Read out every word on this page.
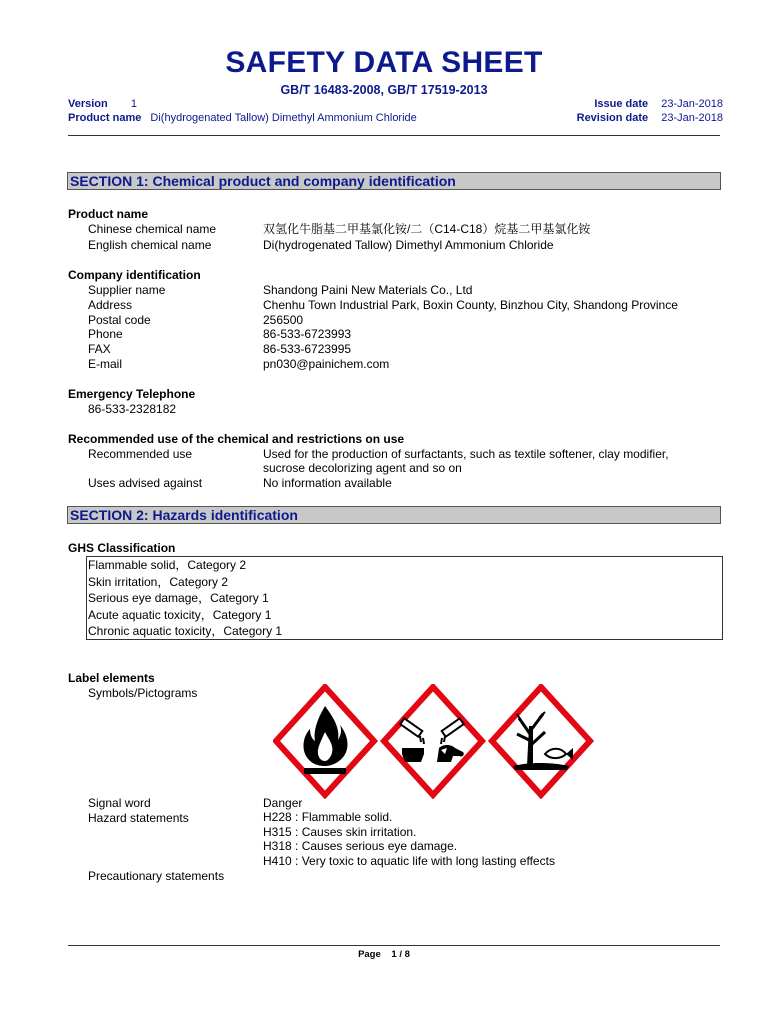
SAFETY DATA SHEET
GB/T 16483-2008, GB/T 17519-2013
Version 1
Product name Di(hydrogenated Tallow) Dimethyl Ammonium Chloride
Issue date 23-Jan-2018
Revision date 23-Jan-2018
SECTION 1: Chemical product and company identification
Product name
Chinese chemical name	双氢化牛脂基二甲基氯化铵/二（C14-C18）烷基二甲基氯化铵
English chemical name	Di(hydrogenated Tallow) Dimethyl Ammonium Chloride
Company identification
Supplier name	Shandong Paini New Materials Co., Ltd
Address	Chenhu Town Industrial Park, Boxin County, Binzhou City, Shandong Province
Postal code	256500
Phone	86-533-6723993
FAX	86-533-6723995
E-mail	pn030@painichem.com
Emergency Telephone
86-533-2328182
Recommended use of the chemical and restrictions on use
Recommended use	Used for the production of surfactants, such as textile softener, clay modifier,
sucrose decolorizing agent and so on
Uses advised against	No information available
SECTION 2: Hazards identification
GHS Classification
Flammable solid，Category 2
Skin irritation，Category 2
Serious eye damage，Category 1
Acute aquatic toxicity，Category 1
Chronic aquatic toxicity，Category 1
Label elements
Symbols/Pictograms
Signal word	Danger
Hazard statements	H228 : Flammable solid.
H315 : Causes skin irritation.
H318 : Causes serious eye damage.
H410 : Very toxic to aquatic life with long lasting effects
Precautionary statements
Page 1 / 8
